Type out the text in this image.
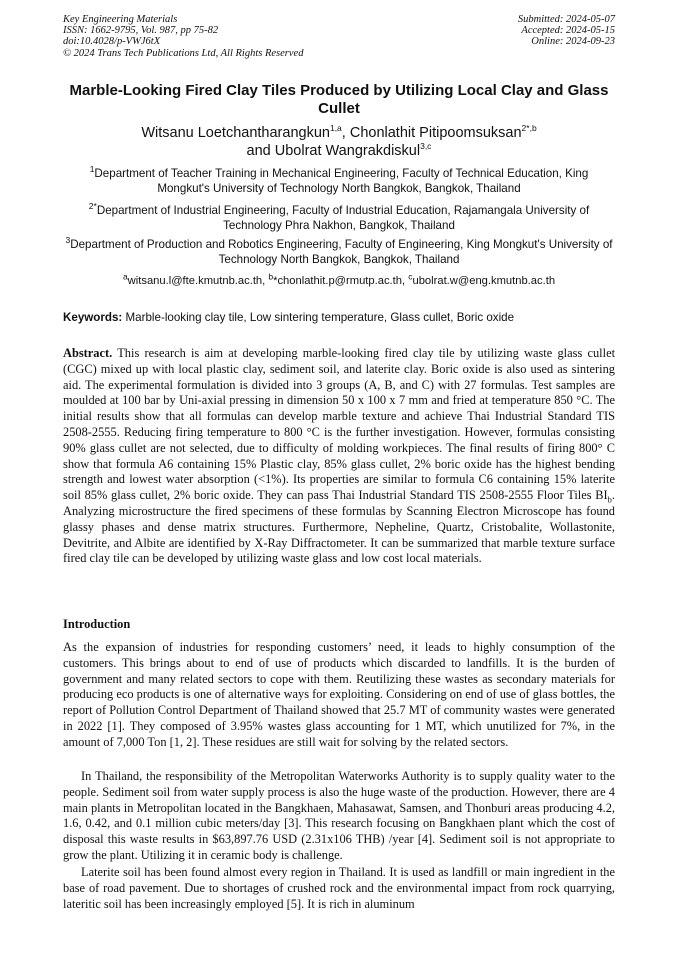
Key Engineering Materials
ISSN: 1662-9795, Vol. 987, pp 75-82
doi:10.4028/p-VWJ6tX
© 2024 Trans Tech Publications Ltd, All Rights Reserved
Submitted: 2024-05-07
Accepted: 2024-05-15
Online: 2024-09-23
Marble-Looking Fired Clay Tiles Produced by Utilizing Local Clay and Glass Cullet
Witsanu Loetchantharangkun$^{1,a}$, Chonlathit Pitipoomsuksan$^{2*,b}$
and Ubolrat Wangrakdiskul$^{3,c}$
$^1$Department of Teacher Training in Mechanical Engineering, Faculty of Technical Education, King Mongkut's University of Technology North Bangkok, Bangkok, Thailand
$^{2*}$Department of Industrial Engineering, Faculty of Industrial Education, Rajamangala University of Technology Phra Nakhon, Bangkok, Thailand
$^3$Department of Production and Robotics Engineering, Faculty of Engineering, King Mongkut's University of Technology North Bangkok, Bangkok, Thailand
$^a$witsanu.l@fte.kmutnb.ac.th, $^b$*chonlathit.p@rmutp.ac.th, $^c$ubolrat.w@eng.kmutnb.ac.th
Keywords: Marble-looking clay tile, Low sintering temperature, Glass cullet, Boric oxide
Abstract. This research is aim at developing marble-looking fired clay tile by utilizing waste glass cullet (CGC) mixed up with local plastic clay, sediment soil, and laterite clay. Boric oxide is also used as sintering aid. The experimental formulation is divided into 3 groups (A, B, and C) with 27 formulas. Test samples are moulded at 100 bar by Uni-axial pressing in dimension 50 x 100 x 7 mm and fried at temperature 850 °C. The initial results show that all formulas can develop marble texture and achieve Thai Industrial Standard TIS 2508-2555. Reducing firing temperature to 800 °C is the further investigation. However, formulas consisting 90% glass cullet are not selected, due to difficulty of molding workpieces. The final results of firing 800° C show that formula A6 containing 15% Plastic clay, 85% glass cullet, 2% boric oxide has the highest bending strength and lowest water absorption (<1%). Its properties are similar to formula C6 containing 15% laterite soil 85% glass cullet, 2% boric oxide. They can pass Thai Industrial Standard TIS 2508-2555 Floor Tiles $BI_b$. Analyzing microstructure the fired specimens of these formulas by Scanning Electron Microscope has found glassy phases and dense matrix structures. Furthermore, Nepheline, Quartz, Cristobalite, Wollastonite, Devitrite, and Albite are identified by X-Ray Diffractometer. It can be summarized that marble texture surface fired clay tile can be developed by utilizing waste glass and low cost local materials.
Introduction
As the expansion of industries for responding customers’ need, it leads to highly consumption of the customers. This brings about to end of use of products which discarded to landfills. It is the burden of government and many related sectors to cope with them. Reutilizing these wastes as secondary materials for producing eco products is one of alternative ways for exploiting. Considering on end of use of glass bottles, the report of Pollution Control Department of Thailand showed that 25.7 MT of community wastes were generated in 2022 [1]. They composed of 3.95% wastes glass accounting for 1 MT, which unutilized for 7%, in the amount of 7,000 Ton [1, 2]. These residues are still wait for solving by the related sectors.
In Thailand, the responsibility of the Metropolitan Waterworks Authority is to supply quality water to the people. Sediment soil from water supply process is also the huge waste of the production. However, there are 4 main plants in Metropolitan located in the Bangkhaen, Mahasawat, Samsen, and Thonburi areas producing 4.2, 1.6, 0.42, and 0.1 million cubic meters/day [3]. This research focusing on Bangkhaen plant which the cost of disposal this waste results in $63,897.76 USD (2.31x106 THB) /year [4]. Sediment soil is not appropriate to grow the plant. Utilizing it in ceramic body is challenge.
Laterite soil has been found almost every region in Thailand. It is used as landfill or main ingredient in the base of road pavement. Due to shortages of crushed rock and the environmental impact from rock quarrying, lateritic soil has been increasingly employed [5]. It is rich in aluminum
